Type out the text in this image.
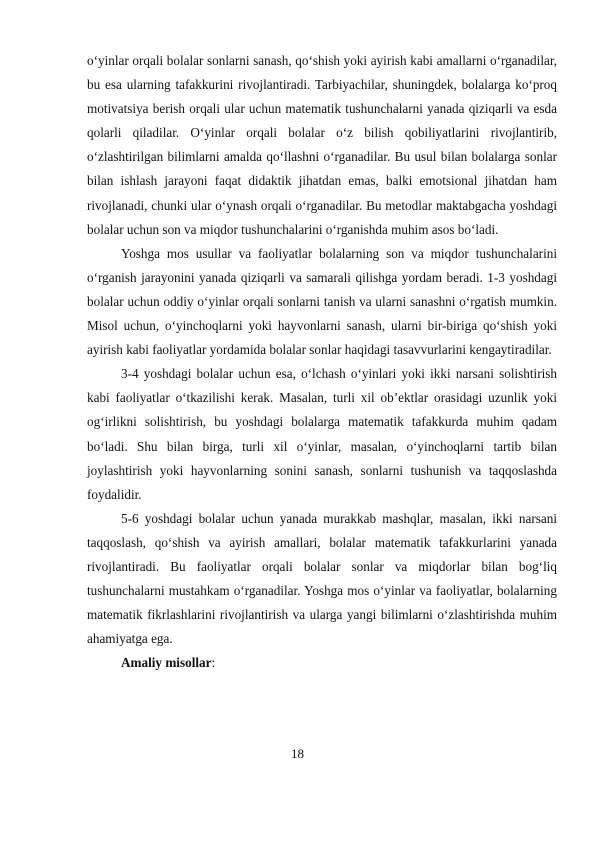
o‘yinlar orqali bolalar sonlarni sanash, qo‘shish yoki ayirish kabi amallarni o‘rganadilar, bu esa ularning tafakkurini rivojlantiradi. Tarbiyachilar, shuningdek, bolalarga ko‘proq motivatsiya berish orqali ular uchun matematik tushunchalarni yanada qiziqarli va esda qolarli qiladilar. O‘yinlar orqali bolalar o‘z bilish qobiliyatlarini rivojlantirib, o‘zlashtirilgan bilimlarni amalda qo‘llashni o‘rganadilar. Bu usul bilan bolalarga sonlar bilan ishlash jarayoni faqat didaktik jihatdan emas, balki emotsional jihatdan ham rivojlanadi, chunki ular o‘ynash orqali o‘rganadilar. Bu metodlar maktabgacha yoshdagi bolalar uchun son va miqdor tushunchalarini o‘rganishda muhim asos bo‘ladi.

Yoshga mos usullar va faoliyatlar bolalarning son va miqdor tushunchalarini o‘rganish jarayonini yanada qiziqarli va samarali qilishga yordam beradi. 1-3 yoshdagi bolalar uchun oddiy o‘yinlar orqali sonlarni tanish va ularni sanashni o‘rgatish mumkin. Misol uchun, o‘yinchoqlarni yoki hayvonlarni sanash, ularni bir-biriga qo‘shish yoki ayirish kabi faoliyatlar yordamida bolalar sonlar haqidagi tasavvurlarini kengaytiradilar.

3-4 yoshdagi bolalar uchun esa, o‘lchash o‘yinlari yoki ikki narsani solishtirish kabi faoliyatlar o‘tkazilishi kerak. Masalan, turli xil ob’ektlar orasidagi uzunlik yoki og‘irlikni solishtirish, bu yoshdagi bolalarga matematik tafakkurda muhim qadam bo‘ladi. Shu bilan birga, turli xil o‘yinlar, masalan, o‘yinchoqlarni tartib bilan joylashtirish yoki hayvonlarning sonini sanash, sonlarni tushunish va taqqoslashda foydalidir.

5-6 yoshdagi bolalar uchun yanada murakkab mashqlar, masalan, ikki narsani taqqoslash, qo‘shish va ayirish amallari, bolalar matematik tafakkurlarini yanada rivojlantiradi. Bu faoliyatlar orqali bolalar sonlar va miqdorlar bilan bog‘liq tushunchalarni mustahkam o‘rganadilar. Yoshga mos o‘yinlar va faoliyatlar, bolalarning matematik fikrlashlarini rivojlantirish va ularga yangi bilimlarni o‘zlashtirishda muhim ahamiyatga ega.

Amaliy misollar:

18
